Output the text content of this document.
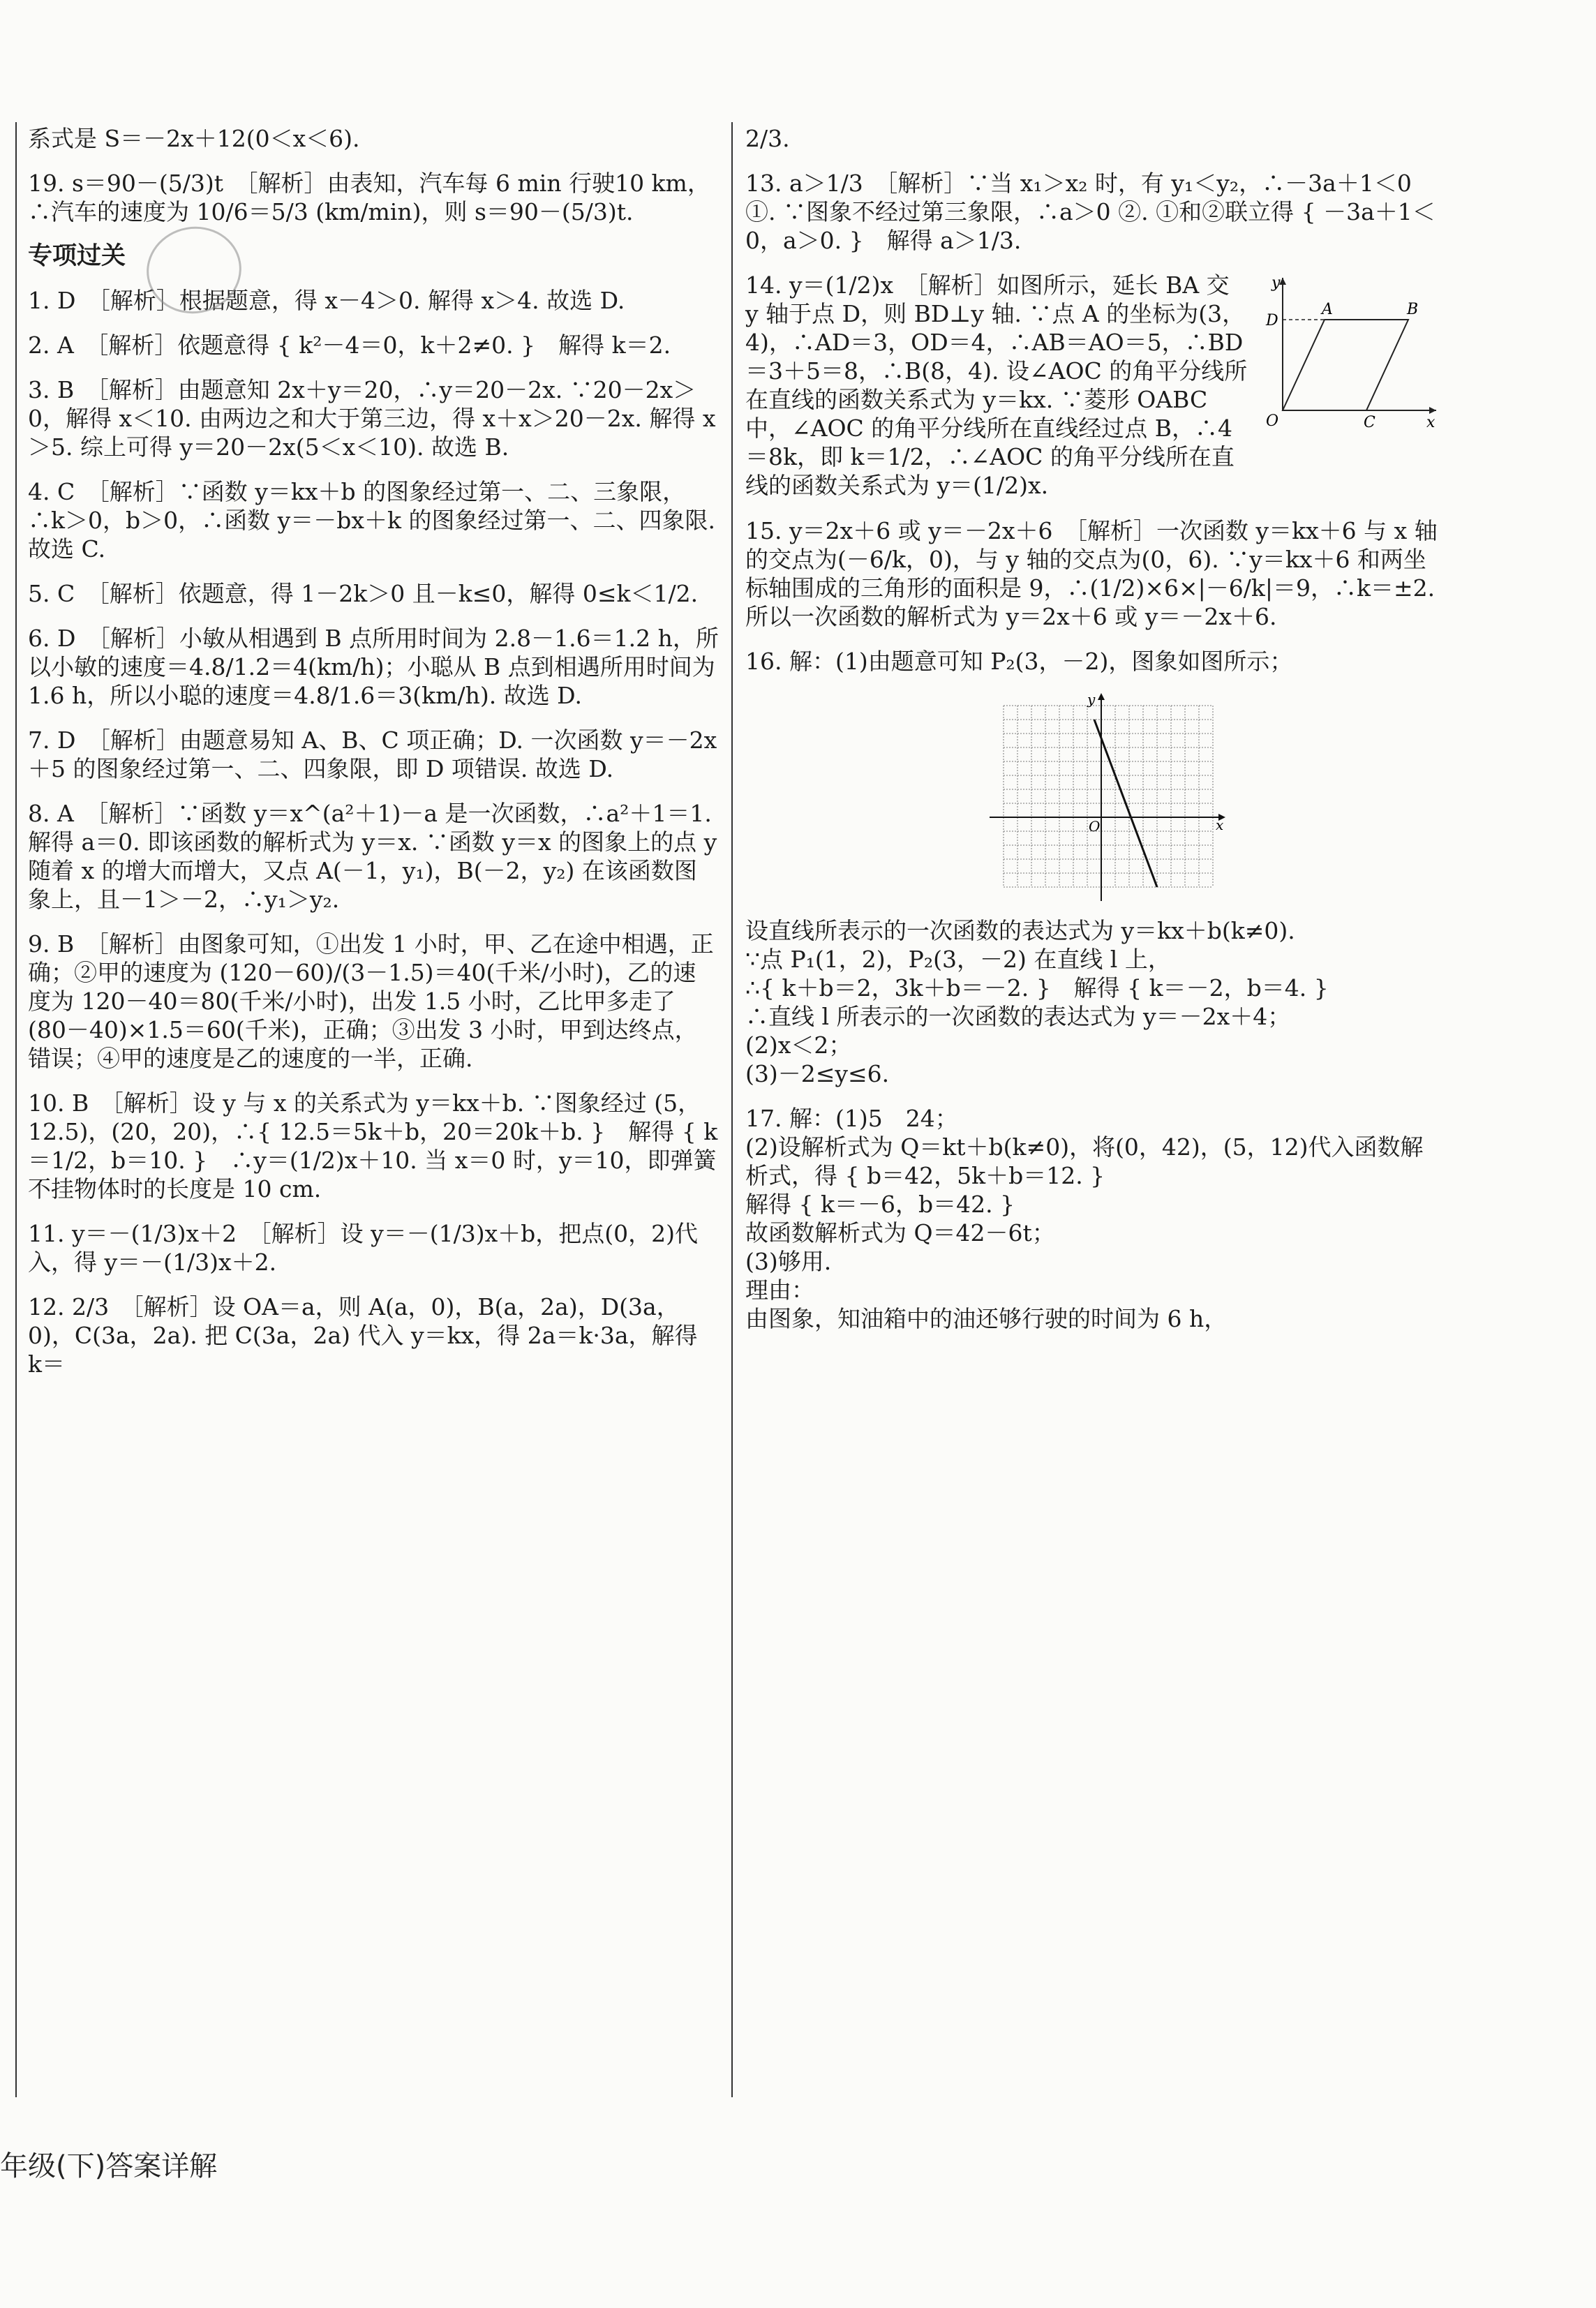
系式是 S＝－2x＋12(0＜x＜6).

19. s＝90－(5/3)t　［解析］由表知，汽车每 6 min 行驶10 km，∴汽车的速度为 10/6＝5/3 (km/min)，则 s＝90－(5/3)t.

专项过关

1. D　［解析］根据题意，得 x－4＞0. 解得 x＞4. 故选 D.

2. A　［解析］依题意得 { k²－4＝0，k＋2≠0. }　解得 k＝2.

3. B　［解析］由题意知 2x＋y＝20，∴y＝20－2x. ∵20－2x＞0，解得 x＜10. 由两边之和大于第三边，得 x＋x＞20－2x. 解得 x＞5. 综上可得 y＝20－2x(5＜x＜10). 故选 B.

4. C　［解析］∵函数 y＝kx＋b 的图象经过第一、二、三象限，∴k＞0，b＞0，∴函数 y＝－bx＋k 的图象经过第一、二、四象限. 故选 C.

5. C　［解析］依题意，得 1－2k＞0 且－k≤0，解得 0≤k＜1/2.

6. D　［解析］小敏从相遇到 B 点所用时间为 2.8－1.6＝1.2 h，所以小敏的速度＝4.8/1.2＝4(km/h)；小聪从 B 点到相遇所用时间为 1.6 h，所以小聪的速度＝4.8/1.6＝3(km/h). 故选 D.

7. D　［解析］由题意易知 A、B、C 项正确；D. 一次函数 y＝－2x＋5 的图象经过第一、二、四象限，即 D 项错误. 故选 D.

8. A　［解析］∵函数 y＝x^(a²＋1)－a 是一次函数，∴a²＋1＝1. 解得 a＝0. 即该函数的解析式为 y＝x. ∵函数 y＝x 的图象上的点 y 随着 x 的增大而增大，又点 A(－1，y₁)，B(－2，y₂) 在该函数图象上，且－1＞－2，∴y₁＞y₂.

9. B　［解析］由图象可知，①出发 1 小时，甲、乙在途中相遇，正确；②甲的速度为 (120－60)/(3－1.5)＝40(千米/小时)，乙的速度为 120－40＝80(千米/小时)，出发 1.5 小时，乙比甲多走了 (80－40)×1.5＝60(千米)，正确；③出发 3 小时，甲到达终点，错误；④甲的速度是乙的速度的一半，正确.

10. B　［解析］设 y 与 x 的关系式为 y＝kx＋b. ∵图象经过 (5，12.5)，(20，20)，∴{ 12.5＝5k＋b，20＝20k＋b. }　解得 { k＝1/2，b＝10. }　∴y＝(1/2)x＋10. 当 x＝0 时，y＝10，即弹簧不挂物体时的长度是 10 cm.

11. y＝－(1/3)x＋2　［解析］设 y＝－(1/3)x＋b，把点(0，2)代入，得 y＝－(1/3)x＋2.

12. 2/3　［解析］设 OA＝a，则 A(a，0)，B(a，2a)，D(3a，0)，C(3a，2a). 把 C(3a，2a) 代入 y＝kx，得 2a＝k·3a，解得 k＝

2/3.

13. a＞1/3　［解析］∵当 x₁＞x₂ 时，有 y₁＜y₂，∴－3a＋1＜0 ①. ∵图象不经过第三象限，∴a＞0 ②. ①和②联立得 { －3a＋1＜0，a＞0. }　解得 a＞1/3.

y
x
O	C
D
A	B

14. y＝(1/2)x　［解析］如图所示，延长 BA 交 y 轴于点 D，则 BD⊥y 轴. ∵点 A 的坐标为(3，4)，∴AD＝3，OD＝4，∴AB＝AO＝5，∴BD＝3＋5＝8，∴B(8，4). 设∠AOC 的角平分线所在直线的函数关系式为 y＝kx. ∵菱形 OABC 中，∠AOC 的角平分线所在直线经过点 B，∴4＝8k，即 k＝1/2，∴∠AOC 的角平分线所在直线的函数关系式为 y＝(1/2)x.

15. y＝2x＋6 或 y＝－2x＋6　［解析］一次函数 y＝kx＋6 与 x 轴的交点为(－6/k，0)，与 y 轴的交点为(0，6). ∵y＝kx＋6 和两坐标轴围成的三角形的面积是 9，∴(1/2)×6×|－6/k|＝9，∴k＝±2. 所以一次函数的解析式为 y＝2x＋6 或 y＝－2x＋6.

16. 解：(1)由题意可知 P₂(3，－2)，图象如图所示；

y
x
O

设直线所表示的一次函数的表达式为 y＝kx＋b(k≠0).
∵点 P₁(1，2)，P₂(3，－2) 在直线 l 上，
∴{ k＋b＝2，3k＋b＝－2. }　解得 { k＝－2，b＝4. }
∴直线 l 所表示的一次函数的表达式为 y＝－2x＋4；
(2)x＜2；
(3)－2≤y≤6.

17. 解：(1)5　24；
(2)设解析式为 Q＝kt＋b(k≠0)，将(0，42)，(5，12)代入函数解析式，得 { b＝42，5k＋b＝12. }
解得 { k＝－6，b＝42. }
故函数解析式为 Q＝42－6t；
(3)够用.
理由：
由图象，知油箱中的油还够行驶的时间为 6 h，

年级(下)答案详解
